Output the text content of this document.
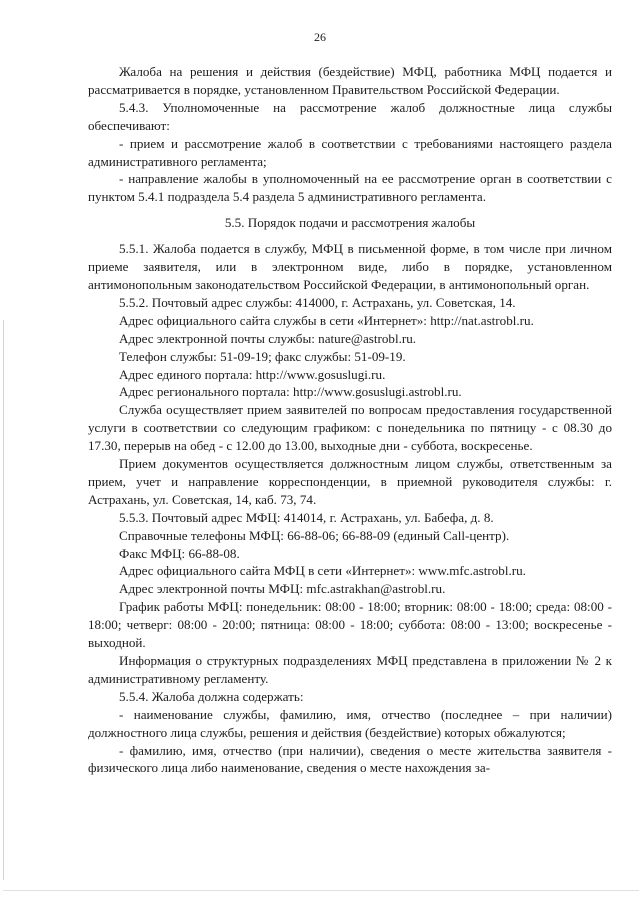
26

Жалоба на решения и действия (бездействие) МФЦ, работника МФЦ подается и рассматривается в порядке, установленном Правительством Российской Федерации.

5.4.3. Уполномоченные на рассмотрение жалоб должностные лица службы обеспечивают:

- прием и рассмотрение жалоб в соответствии с требованиями настоящего раздела административного регламента;

- направление жалобы в уполномоченный на ее рассмотрение орган в соответствии с пунктом 5.4.1 подраздела 5.4 раздела 5 административного регламента.

5.5. Порядок подачи и рассмотрения жалобы

5.5.1. Жалоба подается в службу, МФЦ в письменной форме, в том числе при личном приеме заявителя, или в электронном виде, либо в порядке, установленном антимонопольным законодательством Российской Федерации, в антимонопольный орган.

5.5.2. Почтовый адрес службы: 414000, г. Астрахань, ул. Советская, 14.

Адрес официального сайта службы в сети «Интернет»: http://nat.astrobl.ru.

Адрес электронной почты службы: nature@astrobl.ru.

Телефон службы: 51-09-19; факс службы: 51-09-19.

Адрес единого портала: http://www.gosuslugi.ru.

Адрес регионального портала: http://www.gosuslugi.astrobl.ru.

Служба осуществляет прием заявителей по вопросам предоставления государственной услуги в соответствии со следующим графиком: с понедельника по пятницу - с 08.30 до 17.30, перерыв на обед - с 12.00 до 13.00, выходные дни - суббота, воскресенье.

Прием документов осуществляется должностным лицом службы, ответственным за прием, учет и направление корреспонденции, в приемной руководителя службы: г. Астрахань, ул. Советская, 14, каб. 73, 74.

5.5.3. Почтовый адрес МФЦ: 414014, г. Астрахань, ул. Бабефа, д. 8.

Справочные телефоны МФЦ: 66-88-06; 66-88-09 (единый Call-центр).

Факс МФЦ: 66-88-08.

Адрес официального сайта МФЦ в сети «Интернет»: www.mfc.astrobl.ru.

Адрес электронной почты МФЦ: mfc.astrakhan@astrobl.ru.

График работы МФЦ: понедельник: 08:00 - 18:00; вторник: 08:00 - 18:00; среда: 08:00 - 18:00; четверг: 08:00 - 20:00; пятница: 08:00 - 18:00; суббота: 08:00 - 13:00; воскресенье - выходной.

Информация о структурных подразделениях МФЦ представлена в приложении № 2 к административному регламенту.

5.5.4. Жалоба должна содержать:

- наименование службы, фамилию, имя, отчество (последнее – при наличии) должностного лица службы, решения и действия (бездействие) которых обжалуются;

- фамилию, имя, отчество (при наличии), сведения о месте жительства заявителя - физического лица либо наименование, сведения о месте нахождения за-
